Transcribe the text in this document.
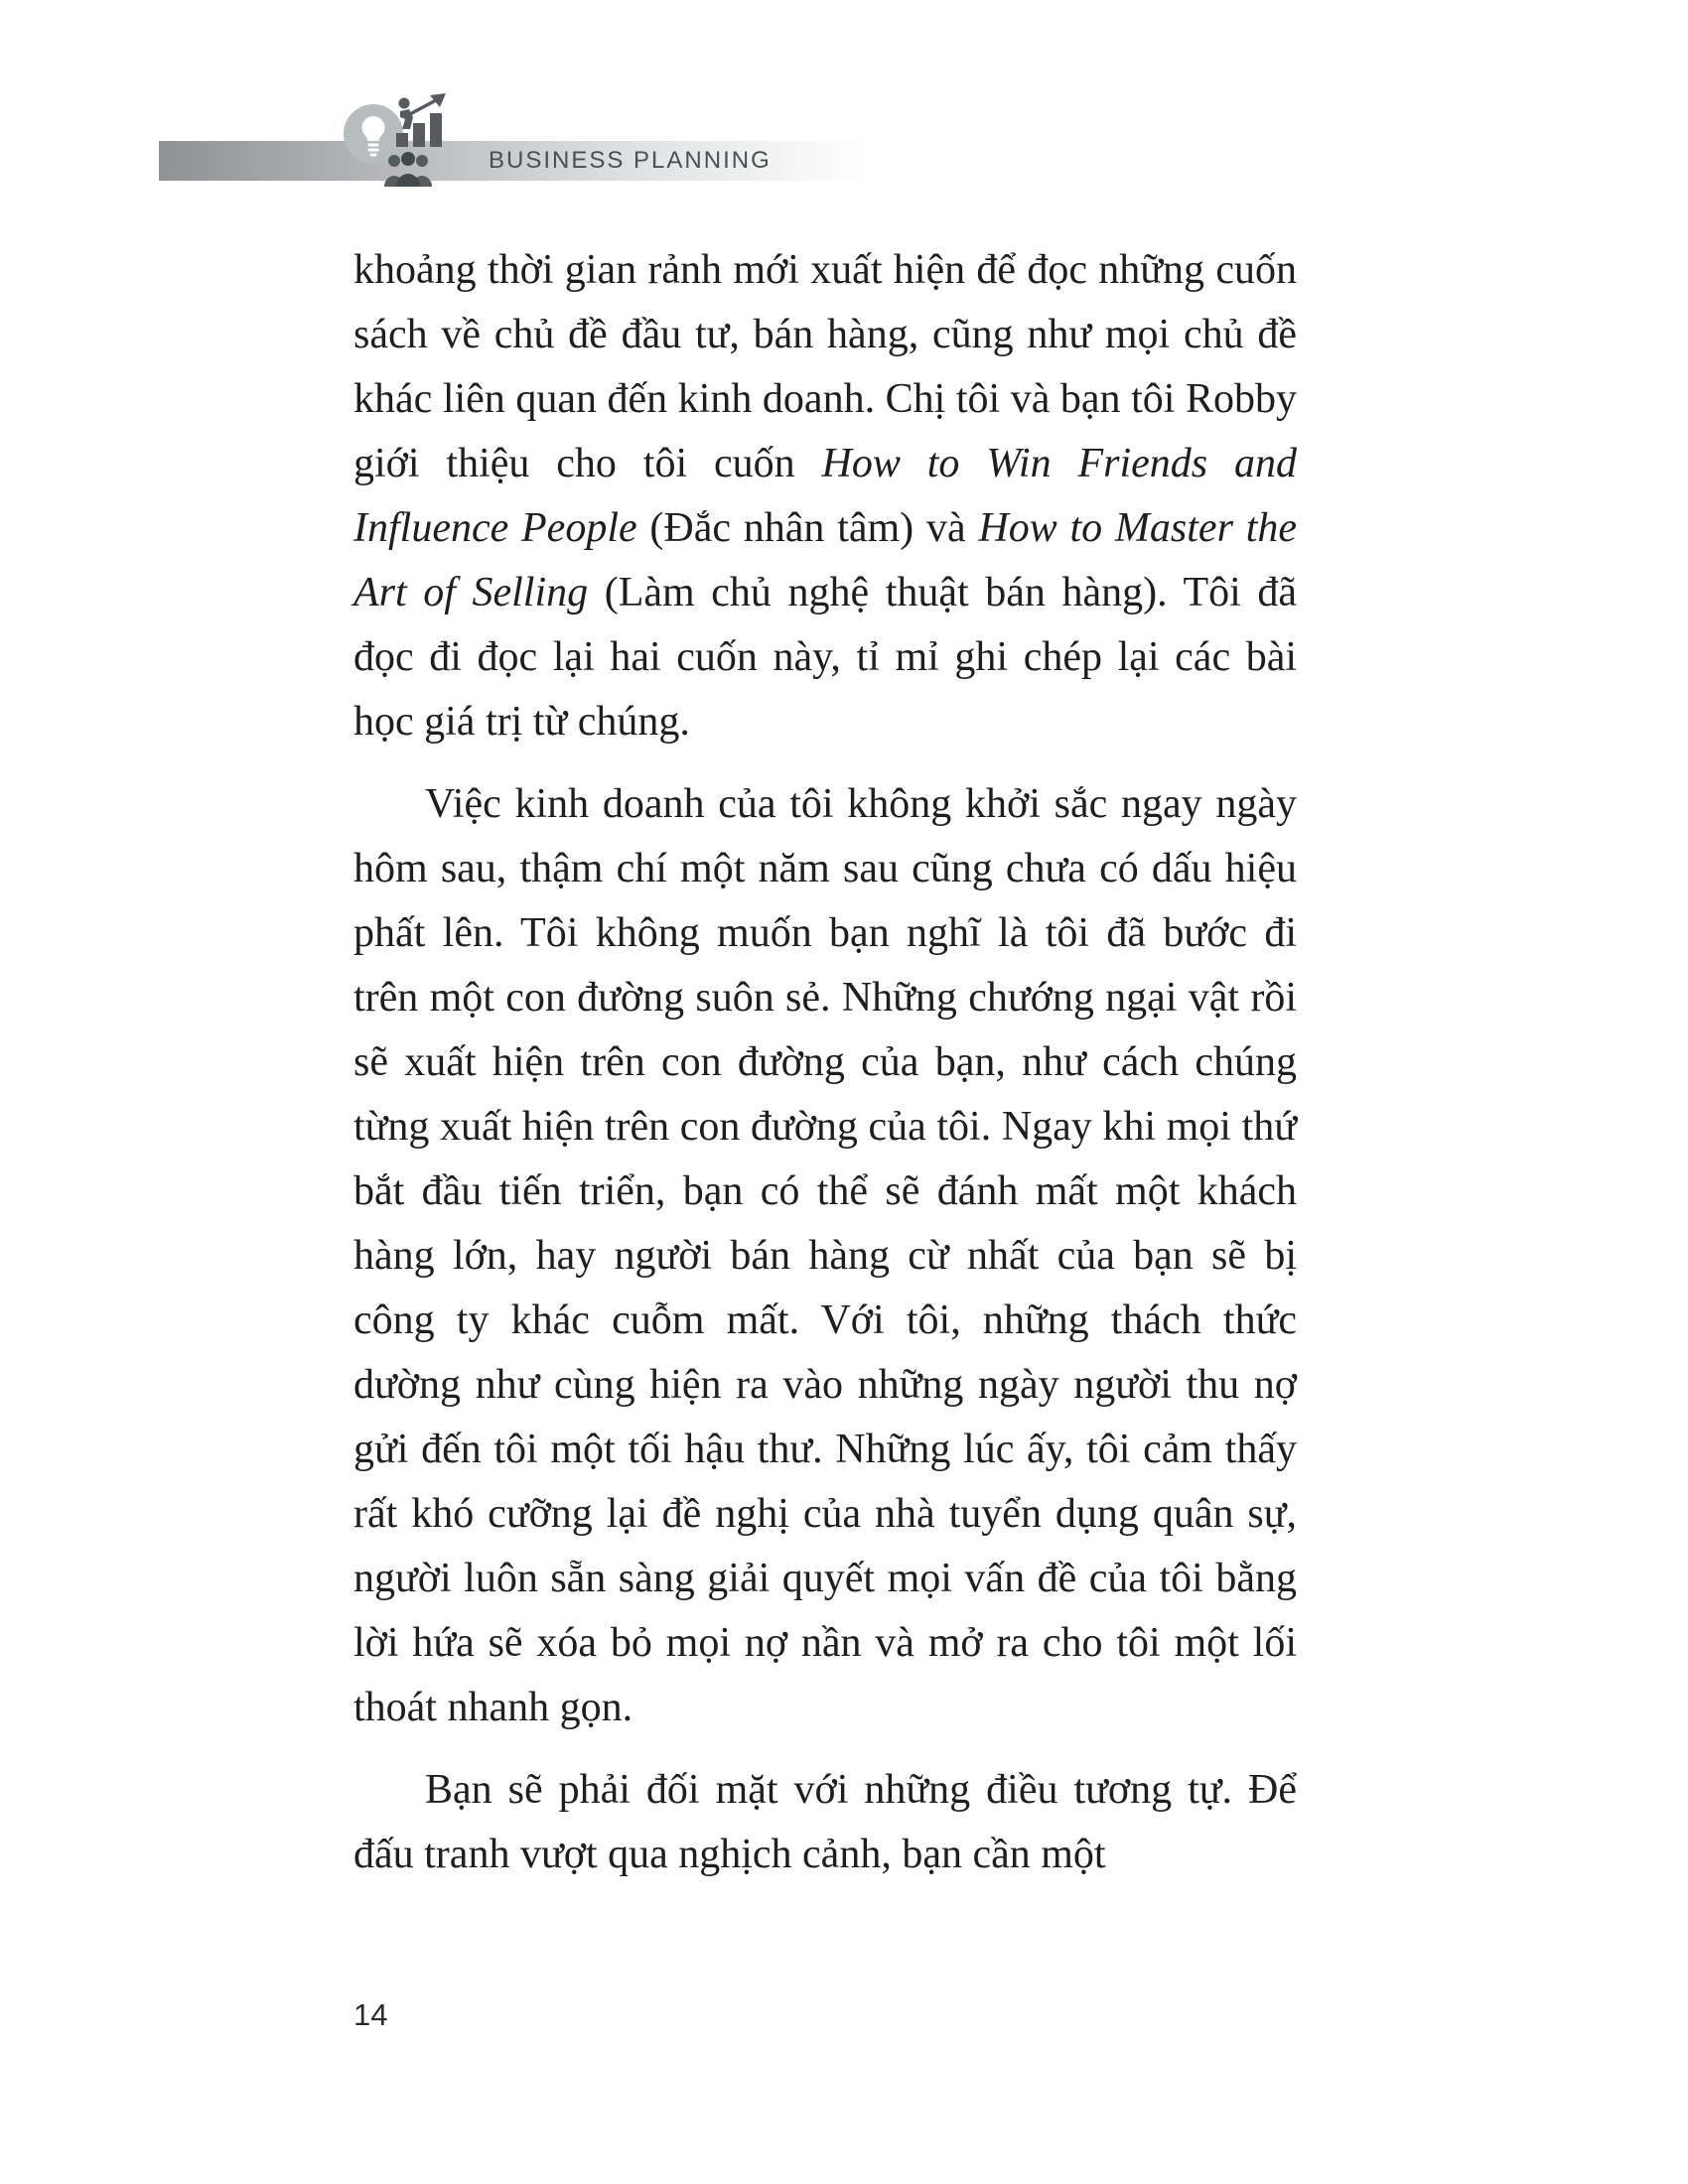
BUSINESS PLANNING

khoảng thời gian rảnh mới xuất hiện để đọc những cuốn sách về chủ đề đầu tư, bán hàng, cũng như mọi chủ đề khác liên quan đến kinh doanh. Chị tôi và bạn tôi Robby giới thiệu cho tôi cuốn How to Win Friends and Influence People (Đắc nhân tâm) và How to Master the Art of Selling (Làm chủ nghệ thuật bán hàng). Tôi đã đọc đi đọc lại hai cuốn này, tỉ mỉ ghi chép lại các bài học giá trị từ chúng.

Việc kinh doanh của tôi không khởi sắc ngay ngày hôm sau, thậm chí một năm sau cũng chưa có dấu hiệu phất lên. Tôi không muốn bạn nghĩ là tôi đã bước đi trên một con đường suôn sẻ. Những chướng ngại vật rồi sẽ xuất hiện trên con đường của bạn, như cách chúng từng xuất hiện trên con đường của tôi. Ngay khi mọi thứ bắt đầu tiến triển, bạn có thể sẽ đánh mất một khách hàng lớn, hay người bán hàng cừ nhất của bạn sẽ bị công ty khác cuỗm mất. Với tôi, những thách thức dường như cùng hiện ra vào những ngày người thu nợ gửi đến tôi một tối hậu thư. Những lúc ấy, tôi cảm thấy rất khó cưỡng lại đề nghị của nhà tuyển dụng quân sự, người luôn sẵn sàng giải quyết mọi vấn đề của tôi bằng lời hứa sẽ xóa bỏ mọi nợ nần và mở ra cho tôi một lối thoát nhanh gọn.

Bạn sẽ phải đối mặt với những điều tương tự. Để đấu tranh vượt qua nghịch cảnh, bạn cần một

14
